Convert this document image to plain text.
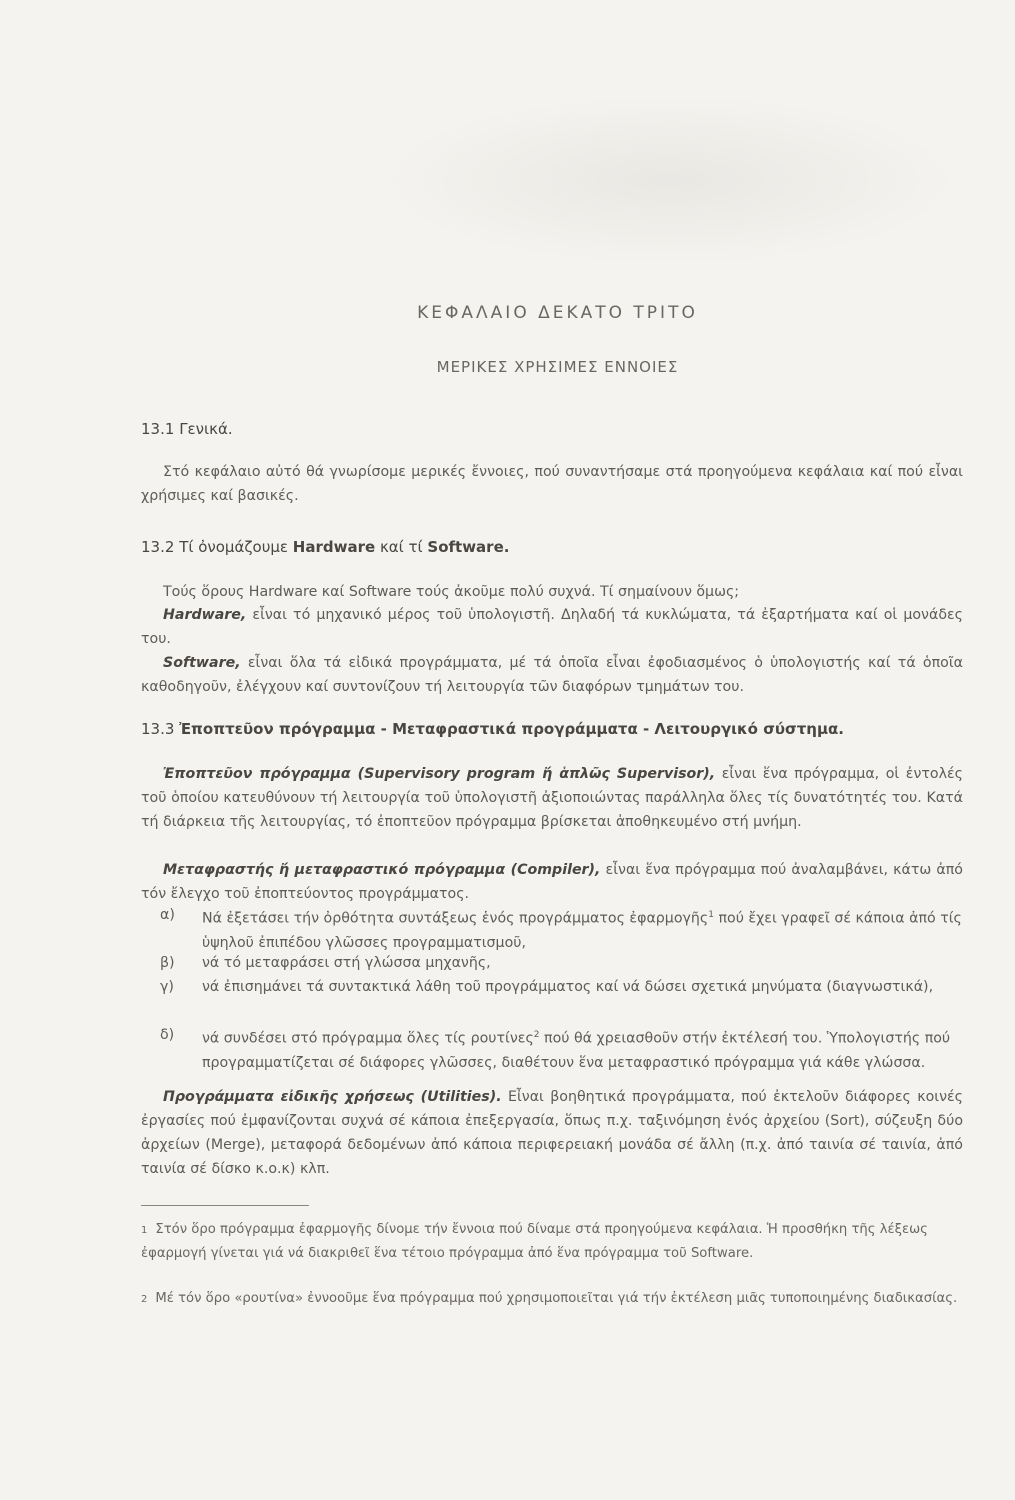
ΚΕΦΑΛΑΙΟ ΔΕΚΑΤΟ ΤΡΙΤΟ
ΜΕΡΙΚΕΣ ΧΡΗΣΙΜΕΣ ΕΝΝΟΙΕΣ
13.1 Γενικά.
Στό κεφάλαιο αὐτό θά γνωρίσομε μερικές ἔννοιες, πού συναντήσαμε στά προηγούμενα κεφάλαια καί πού εἶναι χρήσιμες καί βασικές.
13.2 Τί ὀνομάζουμε Hardware καί τί Software.
Τούς ὅρους Hardware καί Software τούς ἀκοῦμε πολύ συχνά. Τί σημαίνουν ὅμως;
Hardware, εἶναι τό μηχανικό μέρος τοῦ ὑπολογιστῆ. Δηλαδή τά κυκλώματα, τά ἐξαρτήματα καί οἱ μονάδες του.
Software, εἶναι ὅλα τά εἰδικά προγράμματα, μέ τά ὁποῖα εἶναι ἐφοδιασμένος ὁ ὑπολογιστής καί τά ὁποῖα καθοδηγοῦν, ἐλέγχουν καί συντονίζουν τή λειτουργία τῶν διαφόρων τμημάτων του.
13.3 Ἐποπτεῦον πρόγραμμα - Μεταφραστικά προγράμματα - Λειτουργικό σύστημα.
Ἐποπτεῦον πρόγραμμα (Supervisory program ἤ ἁπλῶς Supervisor), εἶναι ἕνα πρόγραμμα, οἱ ἐντολές τοῦ ὁποίου κατευθύνουν τή λειτουργία τοῦ ὑπολογιστῆ ἀξιοποιώντας παράλληλα ὅλες τίς δυνατότητές του. Κατά τή διάρκεια τῆς λειτουργίας, τό ἐποπτεῦον πρόγραμμα βρίσκεται ἀποθηκευμένο στή μνήμη.
Μεταφραστής ἤ μεταφραστικό πρόγραμμα (Compiler), εἶναι ἕνα πρόγραμμα πού ἀναλαμβάνει, κάτω ἀπό τόν ἔλεγχο τοῦ ἐποπτεύοντος προγράμματος.
α)	Νά ἐξετάσει τήν ὀρθότητα συντάξεως ἑνός προγράμματος ἐφαρμογῆς$^1$ πού ἔχει γραφεῖ σέ κάποια ἀπό τίς ὑψηλοῦ ἐπιπέδου γλῶσσες προγραμματισμοῦ,
β)	νά τό μεταφράσει στή γλώσσα μηχανῆς,
γ)	νά ἐπισημάνει τά συντακτικά λάθη τοῦ προγράμματος καί νά δώσει σχετικά μηνύματα (διαγνωστικά),
δ)	νά συνδέσει στό πρόγραμμα ὅλες τίς ρουτίνες$^2$ πού θά χρειασθοῦν στήν ἐκτέλεσή του. Ὑπολογιστής πού προγραμματίζεται σέ διάφορες γλῶσσες, διαθέτουν ἕνα μεταφραστικό πρόγραμμα γιά κάθε γλώσσα.
Προγράμματα εἰδικῆς χρήσεως (Utilities). Εἶναι βοηθητικά προγράμματα, πού ἐκτελοῦν διάφορες κοινές ἐργασίες πού ἐμφανίζονται συχνά σέ κάποια ἐπεξεργασία, ὅπως π.χ. ταξινόμηση ἑνός ἀρχείου (Sort), σύζευξη δύο ἀρχείων (Merge), μεταφορά δεδομένων ἀπό κάποια περιφερειακή μονάδα σέ ἄλλη (π.χ. ἀπό ταινία σέ ταινία, ἀπό ταινία σέ δίσκο κ.ο.κ) κλπ.
1 Στόν ὅρο πρόγραμμα ἐφαρμογῆς δίνομε τήν ἔννοια πού δίναμε στά προηγούμενα κεφάλαια. Ἡ προσθήκη τῆς λέξεως ἐφαρμογή γίνεται γιά νά διακριθεῖ ἕνα τέτοιο πρόγραμμα ἀπό ἕνα πρόγραμμα τοῦ Software.
2 Μέ τόν ὅρο «ρουτίνα» ἐννοοῦμε ἕνα πρόγραμμα πού χρησιμοποιεῖται γιά τήν ἐκτέλεση μιᾶς τυποποιημένης διαδικασίας.
